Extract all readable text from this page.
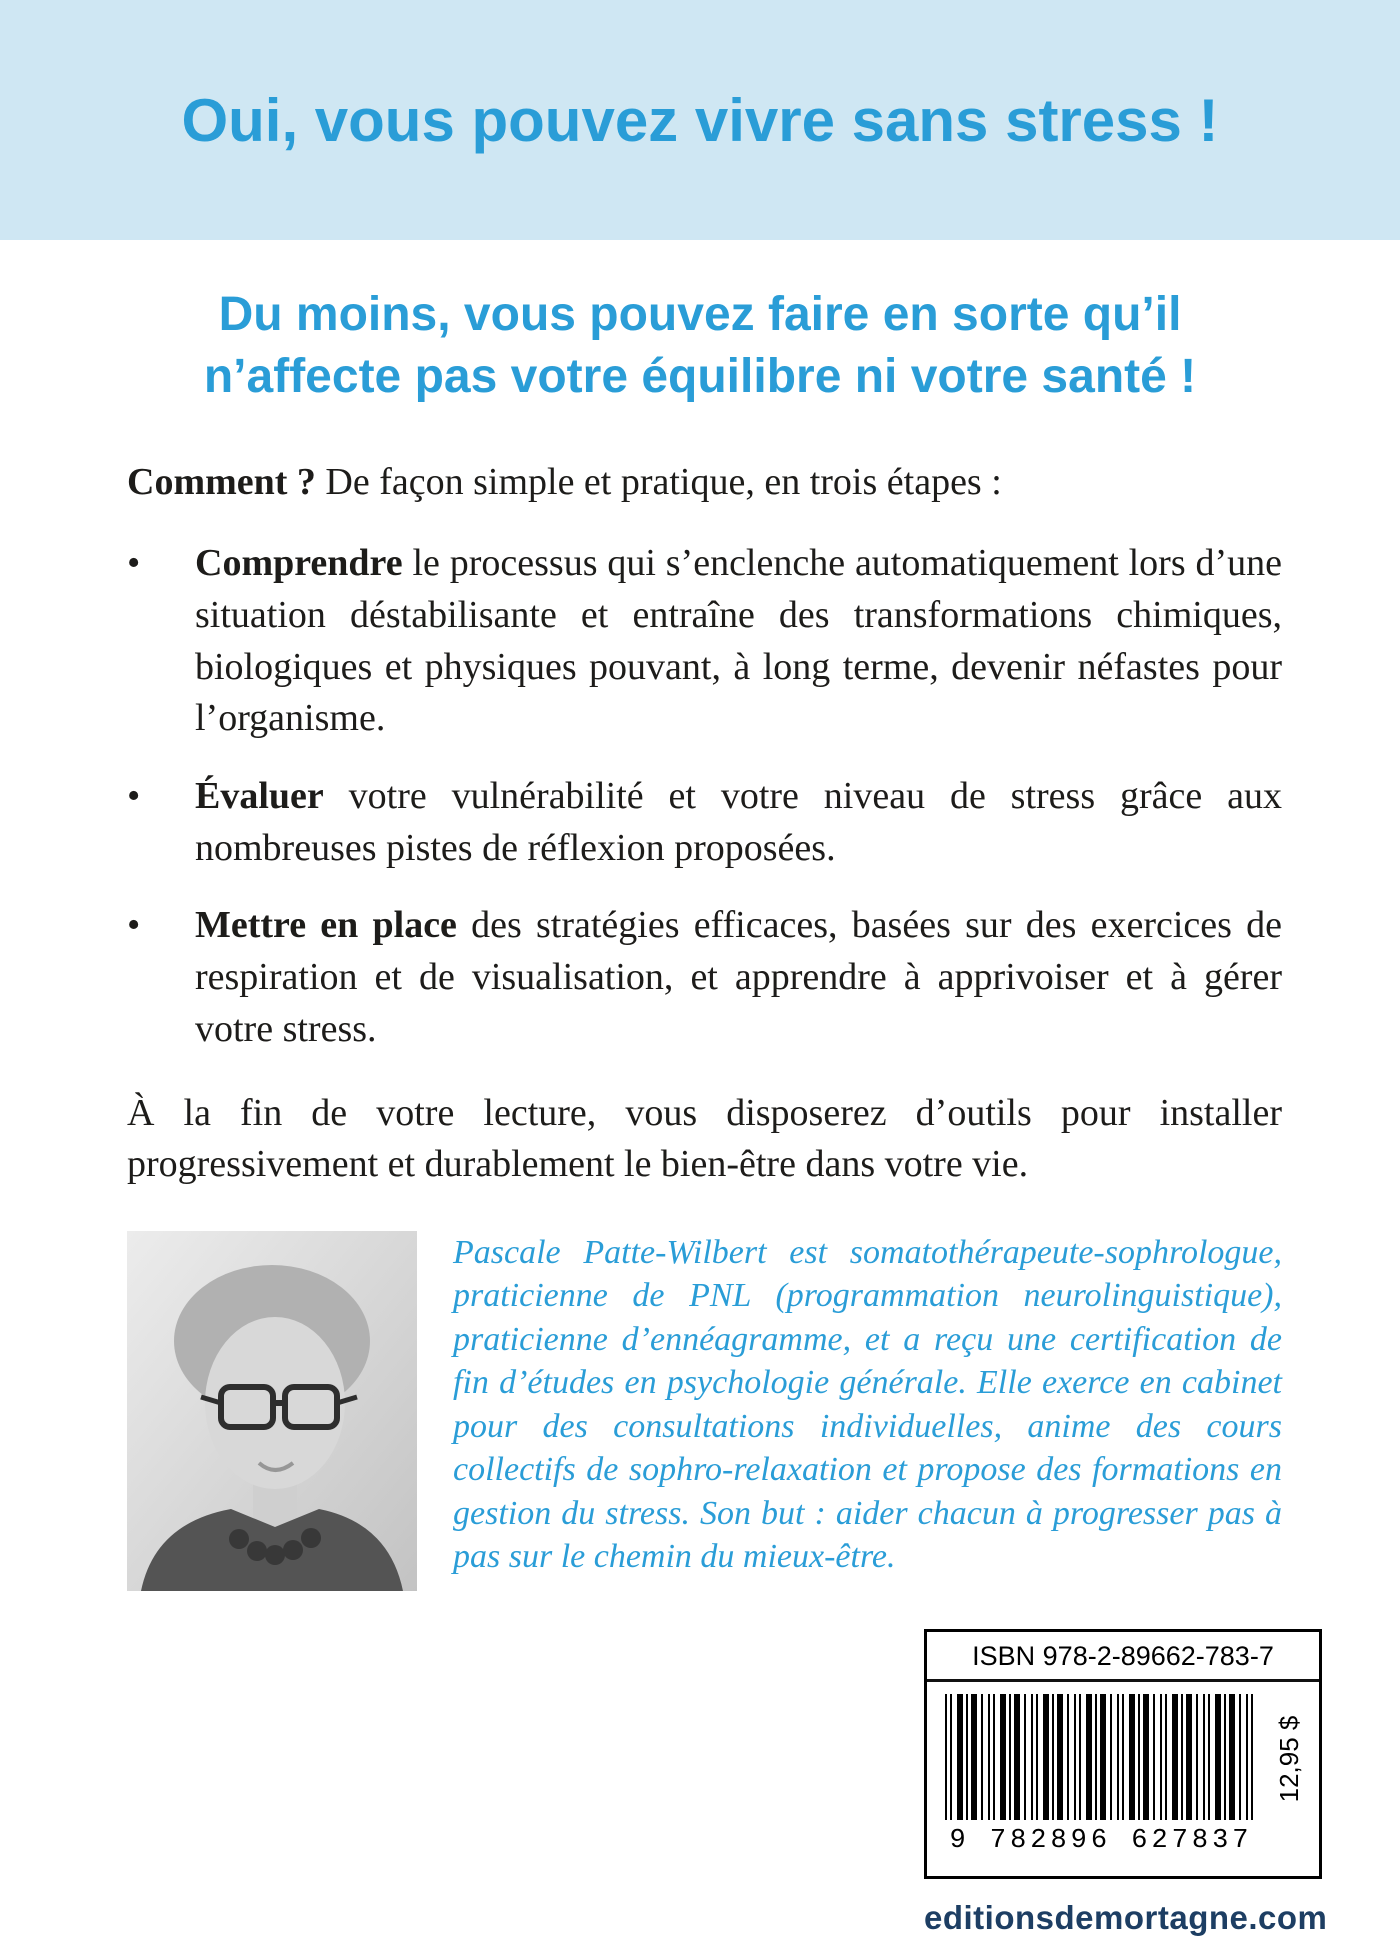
Oui, vous pouvez vivre sans stress !
Du moins, vous pouvez faire en sorte qu’il
n’affecte pas votre équilibre ni votre santé !

Comment ? De façon simple et pratique, en trois étapes :

•	Comprendre le processus qui s’enclenche automatiquement lors d’une situation déstabilisante et entraîne des transformations chimiques, biologiques et physiques pouvant, à long terme, devenir néfastes pour l’organisme.
•	Évaluer votre vulnérabilité et votre niveau de stress grâce aux nombreuses pistes de réflexion proposées.
•	Mettre en place des stratégies efficaces, basées sur des exercices de respiration et de visualisation, et apprendre à apprivoiser et à gérer votre stress.

À la fin de votre lecture, vous disposerez d’outils pour installer progressivement et durablement le bien-être dans votre vie.

Pascale Patte-Wilbert est somatothérapeute-sophrologue, praticienne de PNL (programmation neurolinguistique), praticienne d’ennéagramme, et a reçu une certification de fin d’études en psychologie générale. Elle exerce en cabinet pour des consultations individuelles, anime des cours collectifs de sophro-relaxation et propose des formations en gestion du stress. Son but : aider chacun à progresser pas à pas sur le chemin du mieux-être.

ISBN 978-2-89662-783-7
9 782896 627837
12,95 $
editionsdemortagne.com
